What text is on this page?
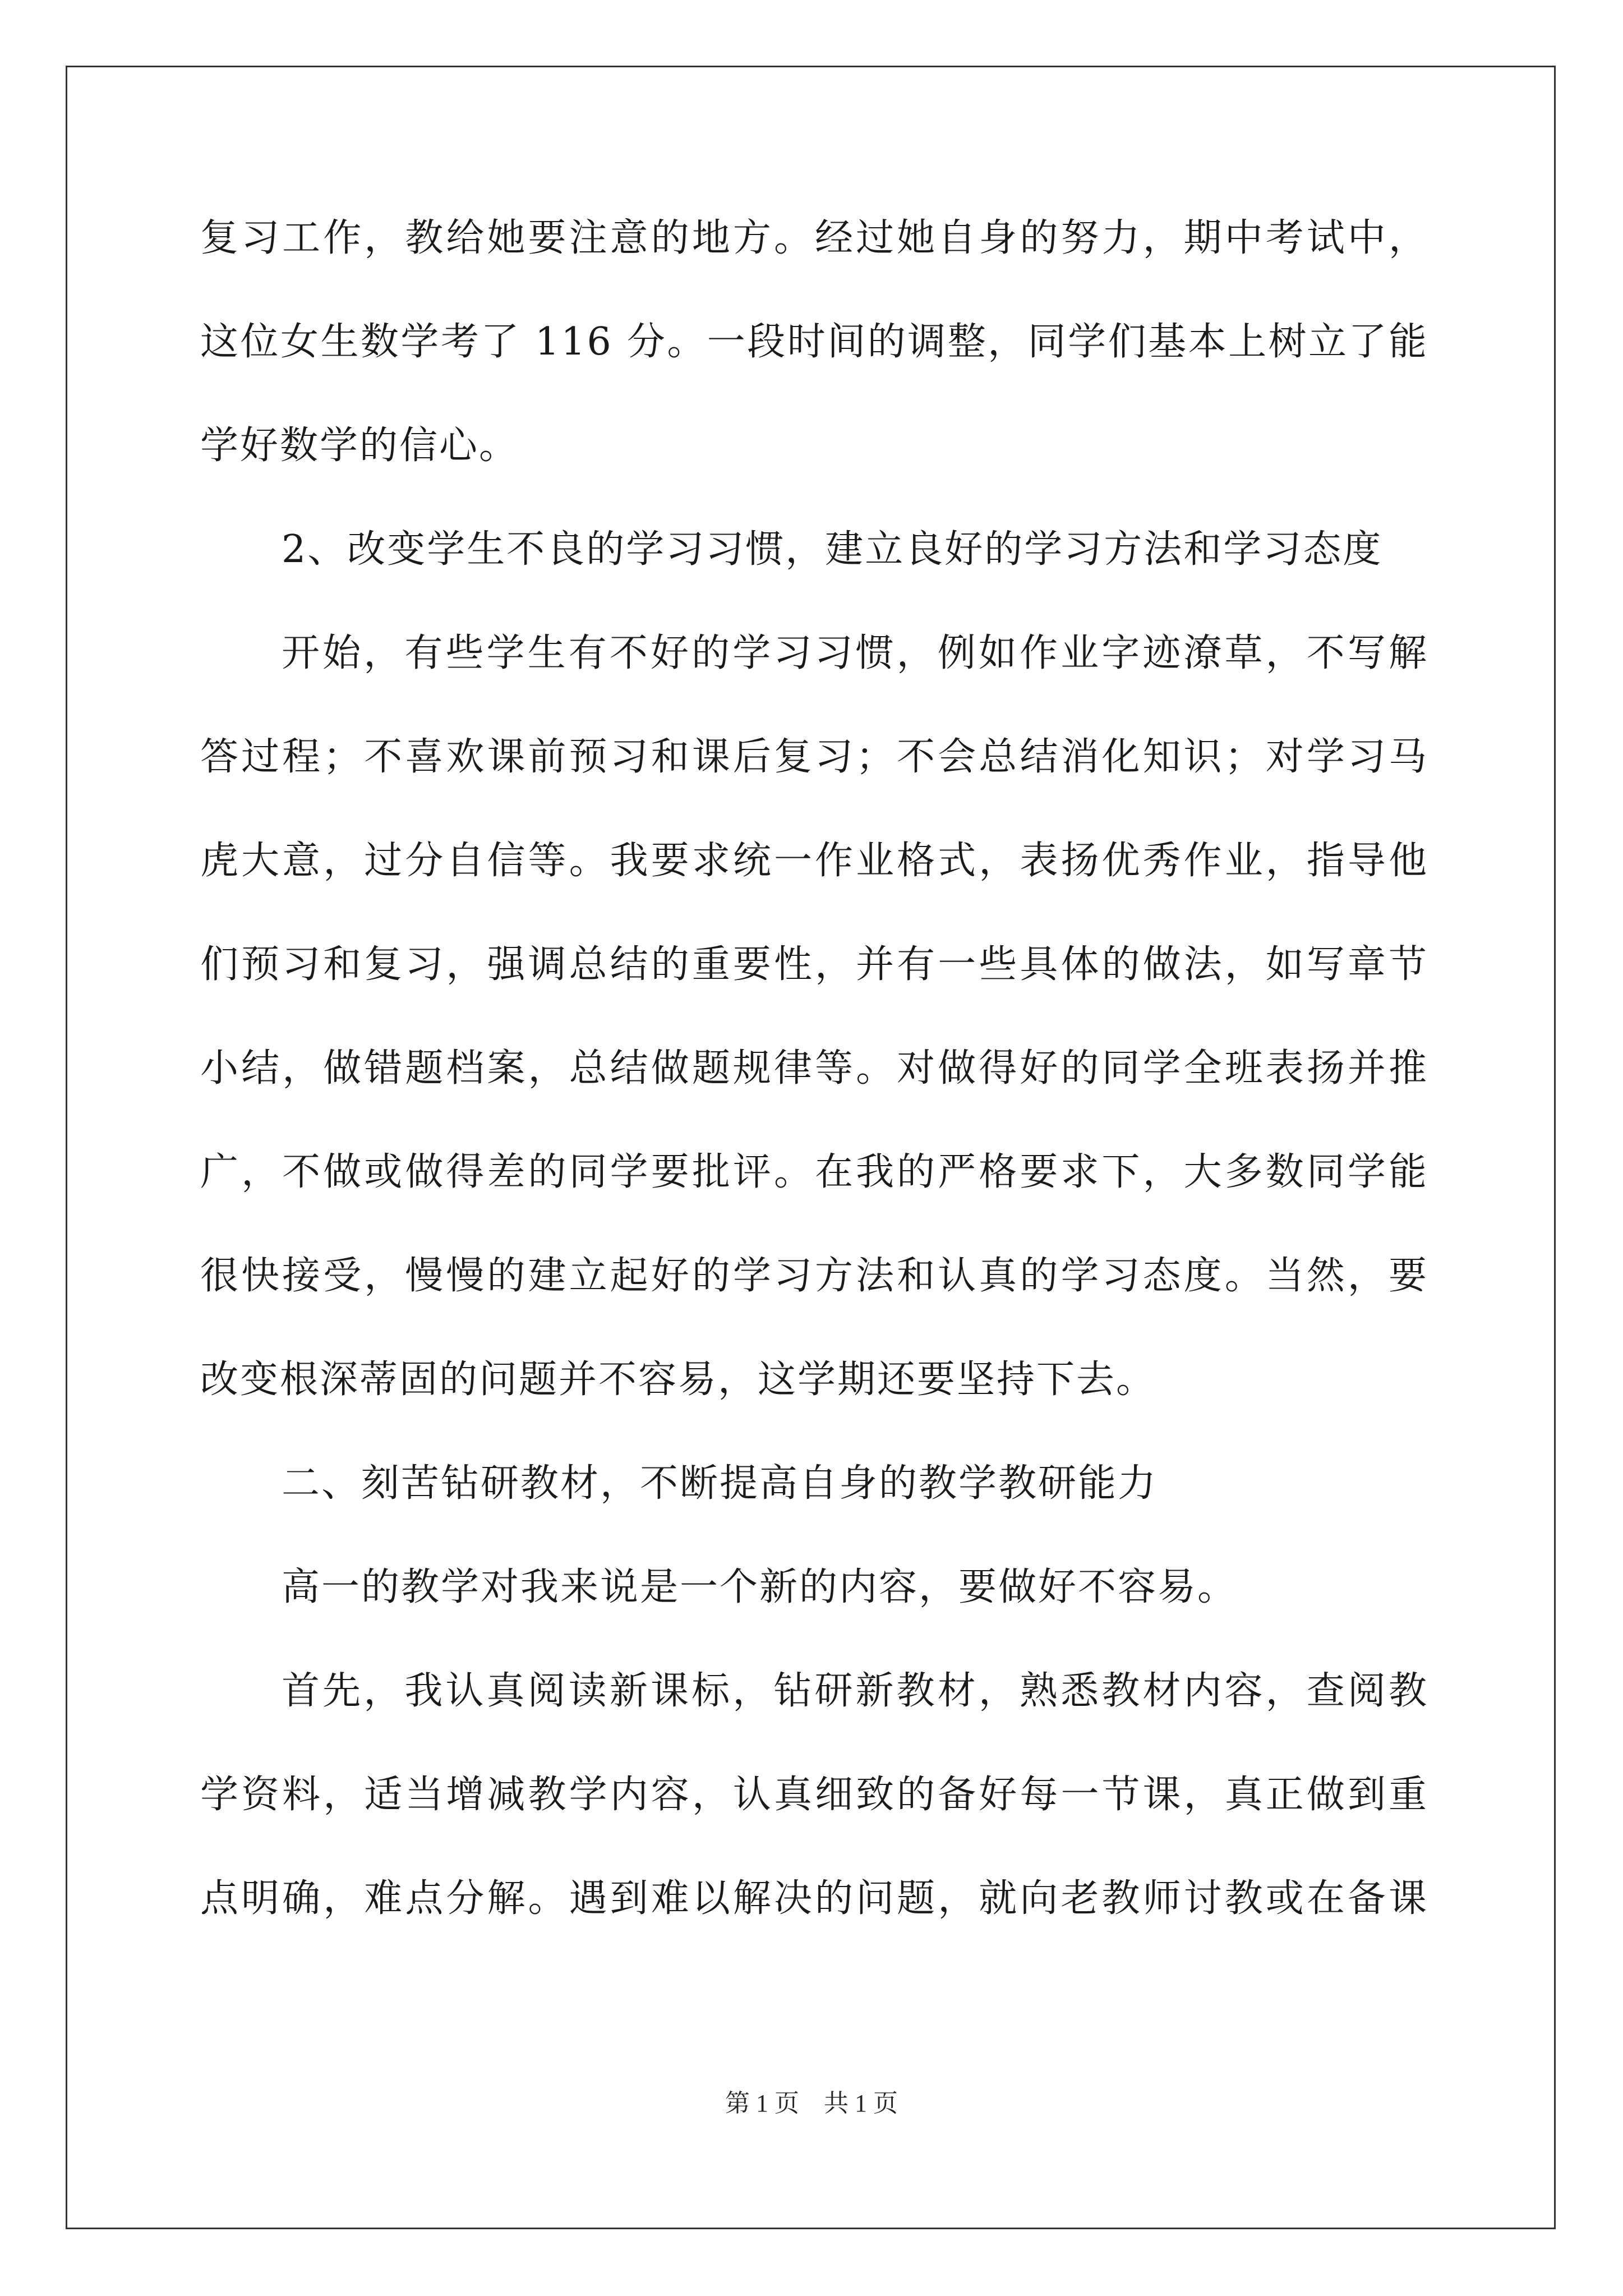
复习工作，教给她要注意的地方。经过她自身的努力，期中考试中，
这位女生数学考了 116 分。一段时间的调整，同学们基本上树立了能
学好数学的信心。
2、改变学生不良的学习习惯，建立良好的学习方法和学习态度
开始，有些学生有不好的学习习惯，例如作业字迹潦草，不写解
答过程；不喜欢课前预习和课后复习；不会总结消化知识；对学习马
虎大意，过分自信等。我要求统一作业格式，表扬优秀作业，指导他
们预习和复习，强调总结的重要性，并有一些具体的做法，如写章节
小结，做错题档案，总结做题规律等。对做得好的同学全班表扬并推
广，不做或做得差的同学要批评。在我的严格要求下，大多数同学能
很快接受，慢慢的建立起好的学习方法和认真的学习态度。当然，要
改变根深蒂固的问题并不容易，这学期还要坚持下去。
二、刻苦钻研教材，不断提高自身的教学教研能力
高一的教学对我来说是一个新的内容，要做好不容易。
首先，我认真阅读新课标，钻研新教材，熟悉教材内容，查阅教
学资料，适当增减教学内容，认真细致的备好每一节课，真正做到重
点明确，难点分解。遇到难以解决的问题，就向老教师讨教或在备课
第 1 页　共 1 页
